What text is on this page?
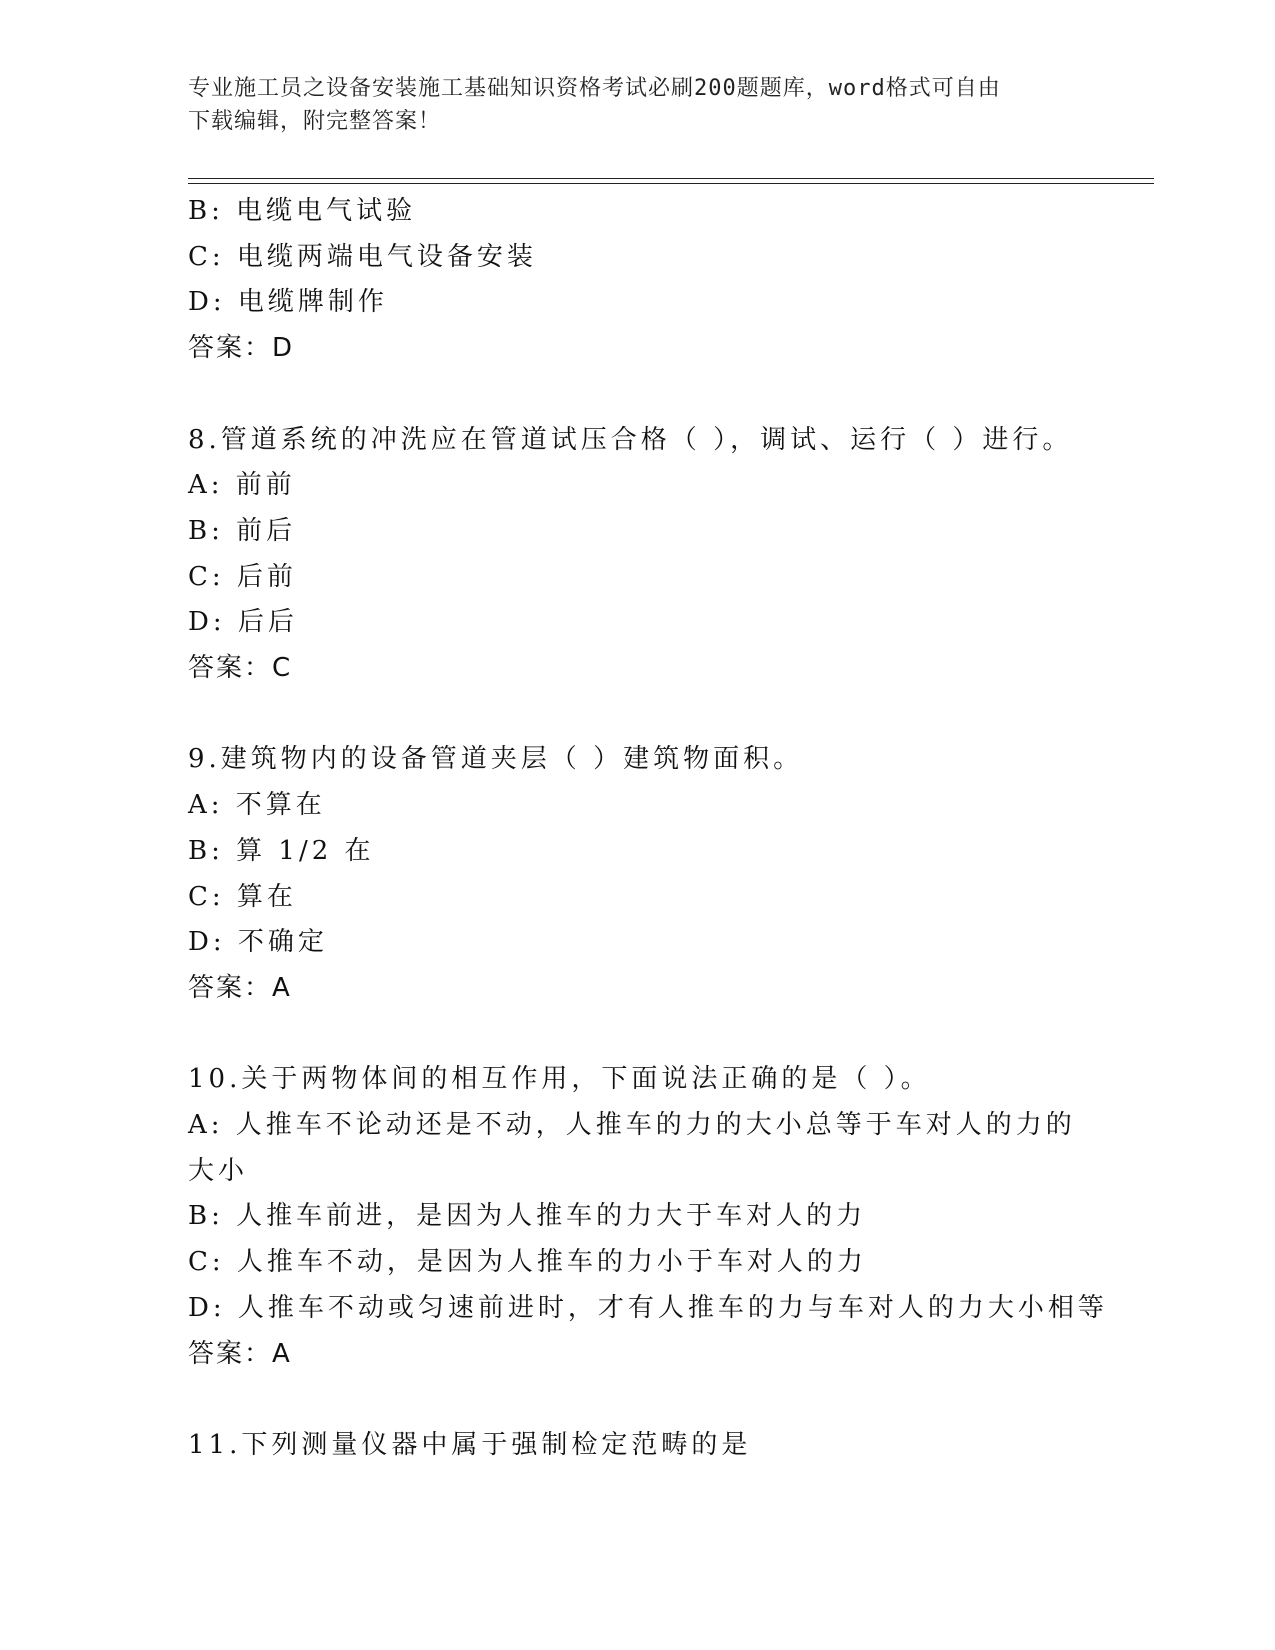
专业施工员之设备安装施工基础知识资格考试必刷200题题库，word格式可自由
下载编辑，附完整答案！
B: 电缆电气试验
C: 电缆两端电气设备安装
D: 电缆牌制作
答案：D
8.管道系统的冲洗应在管道试压合格（ ），调试、运行（ ）进行。
A: 前前
B: 前后
C: 后前
D: 后后
答案：C
9.建筑物内的设备管道夹层（ ）建筑物面积。
A: 不算在
B: 算 1/2 在
C: 算在
D: 不确定
答案：A
10.关于两物体间的相互作用，下面说法正确的是（ ）。
A: 人推车不论动还是不动，人推车的力的大小总等于车对人的力的大小
B: 人推车前进，是因为人推车的力大于车对人的力
C: 人推车不动，是因为人推车的力小于车对人的力
D: 人推车不动或匀速前进时，才有人推车的力与车对人的力大小相等
答案：A
11.下列测量仪器中属于强制检定范畴的是
